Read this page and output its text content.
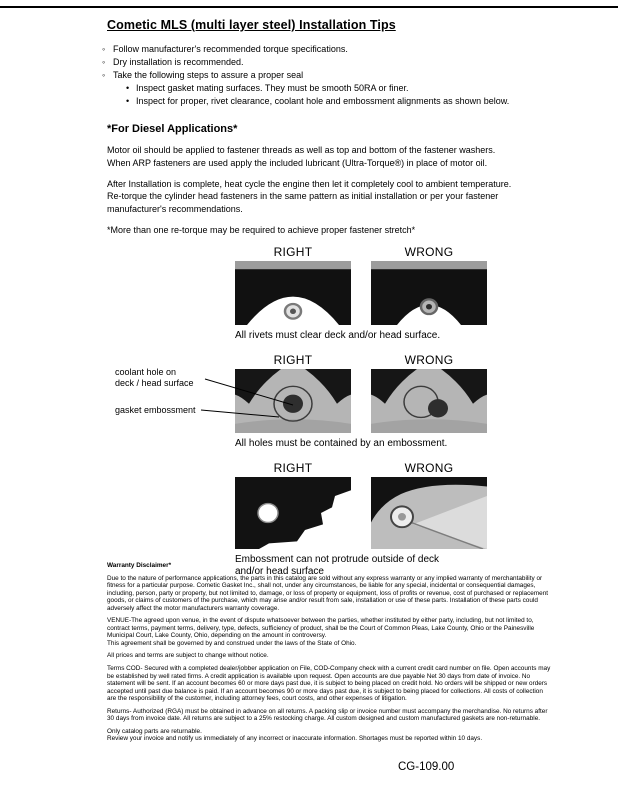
Cometic MLS (multi layer steel) Installation Tips
◦ Follow manufacturer's recommended torque specifications.
◦ Dry installation is recommended.
◦ Take the following steps to assure a proper seal
• Inspect gasket mating surfaces. They must be smooth 50RA or finer.
• Inspect for proper, rivet clearance, coolant hole and embossment alignments as shown below.
*For Diesel Applications*

Motor oil should be applied to fastener threads as well as top and bottom of the fastener washers. When ARP fasteners are used apply the included lubricant (Ultra-Torque®) in place of motor oil.

After Installation is complete, heat cycle the engine then let it completely cool to ambient temperature. Re-torque the cylinder head fasteners in the same pattern as initial installation or per your fastener manufacturer's recommendations.

*More than one re-torque may be required to achieve proper fastener stretch*

RIGHT	WRONG
All rivets must clear deck and/or head surface.
coolant hole on
deck / head surface
gasket embossment
RIGHT	WRONG
All holes must be contained by an embossment.
RIGHT	WRONG
Embossment can not protrude outside of deck and/or head surface
Warranty Disclaimer*

Due to the nature of performance applications, the parts in this catalog are sold without any express warranty or any implied warranty of merchantability or fitness for a particular purpose. Cometic Gasket Inc., shall not, under any circumstances, be liable for any special, incidental or consequential damages, including, person, party or property, but not limited to, damage, or loss of property or equipment, loss of profits or revenue, cost of purchased or replacement goods, or claims of customers of the purchase, which may arise and/or result from sale, installation or use of these parts. Installation of these parts could adversely affect the motor manufacturers warranty coverage.

VENUE-The agreed upon venue, in the event of dispute whatsoever between the parties, whether instituted by either party, including, but not limited to, contract terms, payment terms, delivery, type, defects, sufficiency of product, shall be the Court of Common Pleas, Lake County, Ohio or the Painesville Municipal Court, Lake County, Ohio, depending on the amount in controversy.

This agreement shall be governed by and construed under the laws of the State of Ohio.

All prices and terms are subject to change without notice.

Terms COD- Secured with a completed dealer/jobber application on File, COD-Company check with a current credit card number on file. Open accounts may be established by well rated firms. A credit application is available upon request. Open accounts are due payable Net 30 days from date of invoice. No statement will be sent. If an account becomes 60 or more days past due, it is subject to being placed on credit hold. No orders will be shipped or new orders accepted until past due balance is paid. If an account becomes 90 or more days past due, it is subject to being placed for collections. All costs of collection are the responsibility of the customer, including attorney fees, court costs, and other expenses of litigation.

Returns- Authorized (RGA) must be obtained in advance on all returns. A packing slip or invoice number must accompany the merchandise. No returns after 30 days from invoice date. All returns are subject to a 25% restocking charge. All custom designed and custom manufactured gaskets are non-returnable.

Only catalog parts are returnable.

Review your invoice and notify us immediately of any incorrect or inaccurate information. Shortages must be reported within 10 days.

CG-109.00
